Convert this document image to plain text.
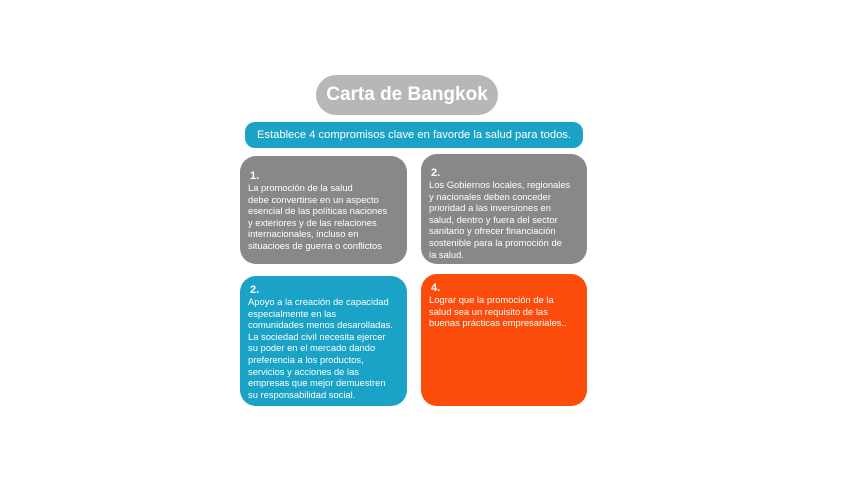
Carta de Bangkok
Establece 4 compromisos clave en favorde la salud para todos.
1.
La promoción de la salud
debe convertirse en un aspecto
esencial de las políticas naciones
y exteriores y de las relaciones
internacionales, incluso en
situacioes de guerra o conflictos
2.
Los Gobiernos locales, regionales
y nacionales deben conceder
prioridad a las inversiones en
salud, dentro y fuera del sector
sanitario y ofrecer financiación
sostenible para la promoción de
la salud.
2.
Apoyo a la creación de capacidad
especialmente en las
comunidades menos desarolladas.
La sociedad civil necesita ejercer
su poder en el mercado dando
preferencia a los productos,
servicios y acciones de las
empresas que mejor demuestren
su responsabilidad social.
4.
Lograr que la promoción de la
salud sea un requisito de las
buenas prácticas empresariales..
